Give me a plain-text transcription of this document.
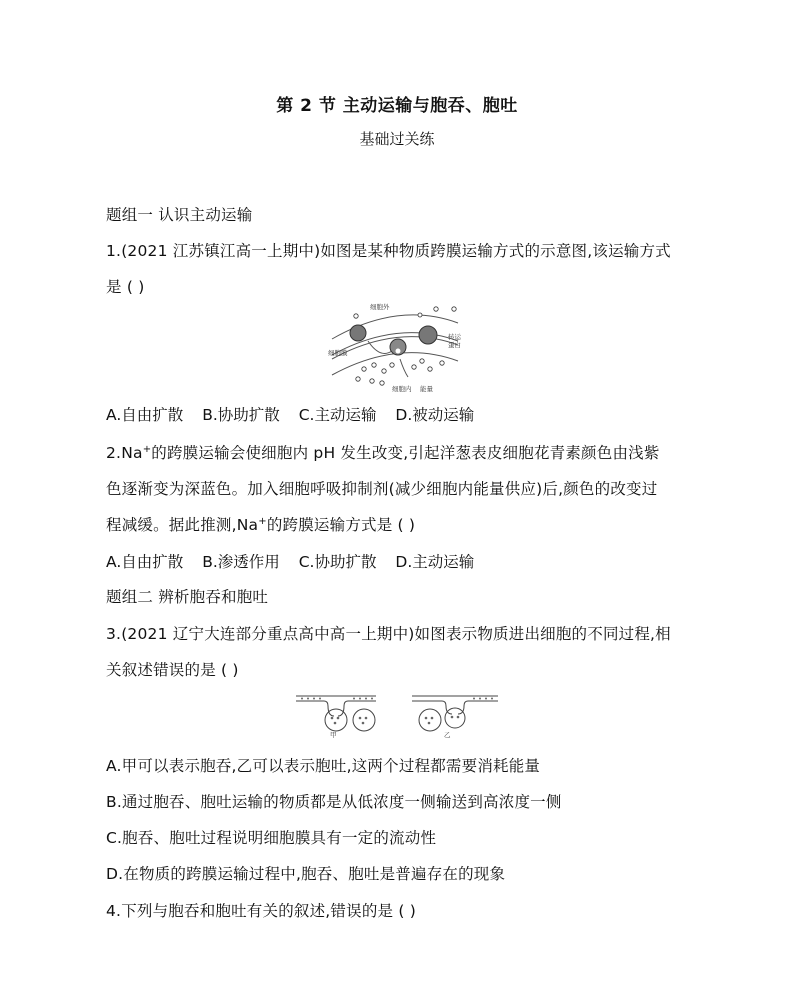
第 2 节 主动运输与胞吞、胞吐
基础过关练
题组一 认识主动运输
1.(2021 江苏镇江高一上期中)如图是某种物质跨膜运输方式的示意图,该运输方式
是 ( )
细胞外
细胞膜
转运
蛋白
细胞内 能量
A.自由扩散 B.协助扩散 C.主动运输 D.被动运输
2.Na+的跨膜运输会使细胞内 pH 发生改变,引起洋葱表皮细胞花青素颜色由浅紫
色逐渐变为深蓝色。加入细胞呼吸抑制剂(减少细胞内能量供应)后,颜色的改变过
程减缓。据此推测,Na+的跨膜运输方式是 ( )
A.自由扩散 B.渗透作用 C.协助扩散 D.主动运输
题组二 辨析胞吞和胞吐
3.(2021 辽宁大连部分重点高中高一上期中)如图表示物质进出细胞的不同过程,相
关叙述错误的是 ( )
甲	乙
A.甲可以表示胞吞,乙可以表示胞吐,这两个过程都需要消耗能量
B.通过胞吞、胞吐运输的物质都是从低浓度一侧输送到高浓度一侧
C.胞吞、胞吐过程说明细胞膜具有一定的流动性
D.在物质的跨膜运输过程中,胞吞、胞吐是普遍存在的现象
4.下列与胞吞和胞吐有关的叙述,错误的是 ( )
